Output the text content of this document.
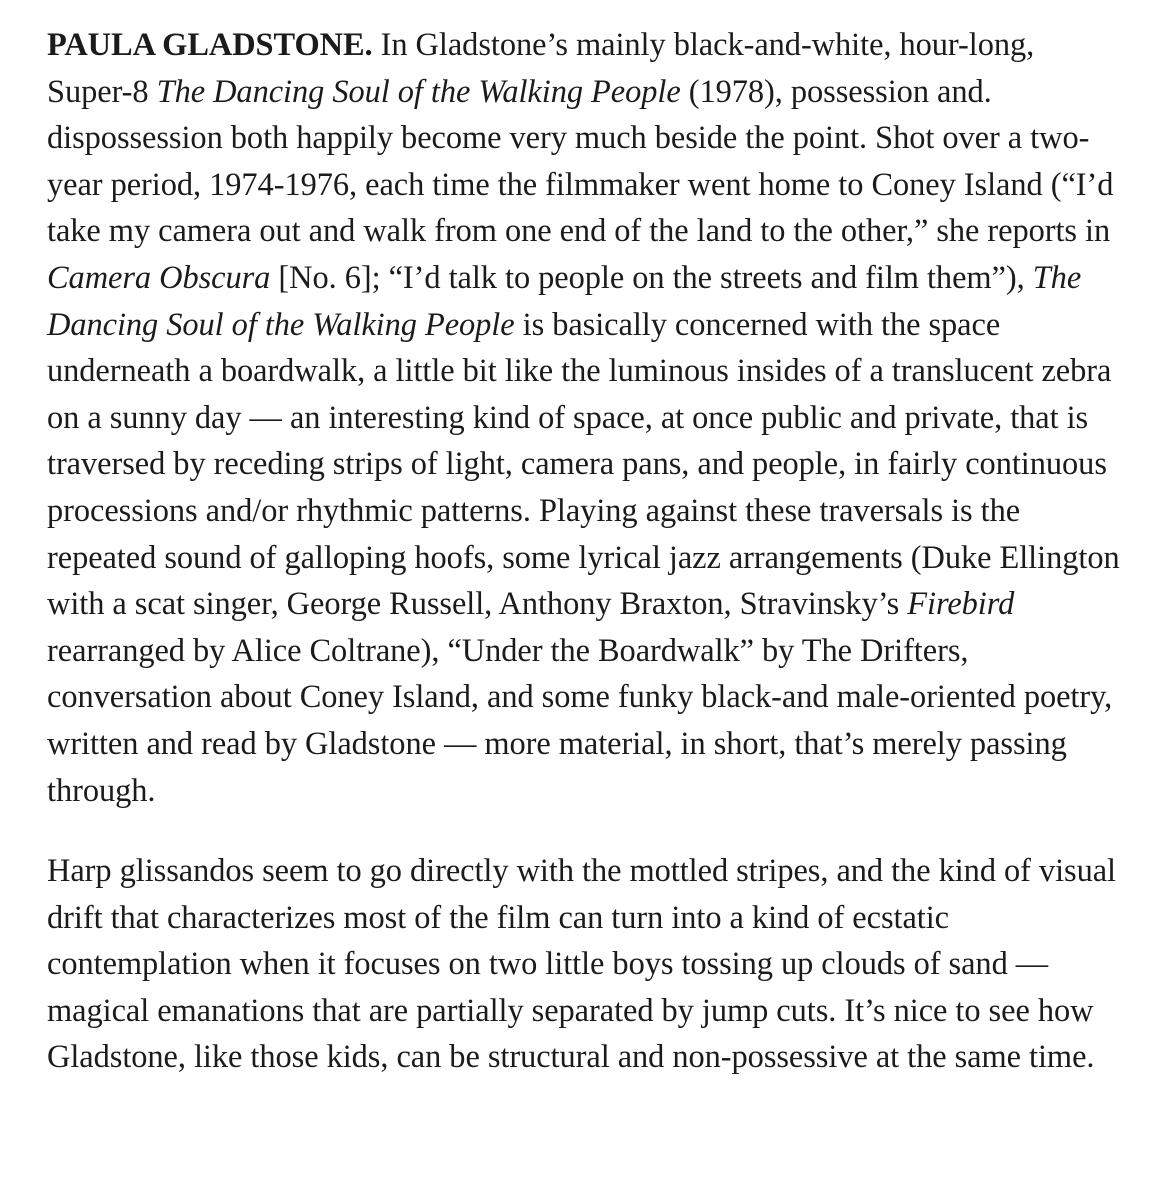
PAULA GLADSTONE. In Gladstone’s mainly black-and-white, hour-long, Super-8 The Dancing Soul of the Walking People (1978), possession and. dispossession both happily become very much beside the point. Shot over a two-year period, 1974-1976, each time the filmmaker went home to Coney Island (“I’d take my camera out and walk from one end of the land to the other,” she reports in Camera Obscura [No. 6]; “I’d talk to people on the streets and film them”), The Dancing Soul of the Walking People is basically concerned with the space underneath a boardwalk, a little bit like the luminous insides of a translucent zebra on a sunny day — an interesting kind of space, at once public and private, that is traversed by receding strips of light, camera pans, and people, in fairly continuous processions and/or rhythmic patterns. Playing against these traversals is the repeated sound of galloping hoofs, some lyrical jazz arrangements (Duke Ellington with a scat singer, George Russell, Anthony Braxton, Stravinsky’s Firebird rearranged by Alice Coltrane), “Under the Boardwalk” by The Drifters, conversation about Coney Island, and some funky black-and male-oriented poetry, written and read by Gladstone — more material, in short, that’s merely passing through.

Harp glissandos seem to go directly with the mottled stripes, and the kind of visual drift that characterizes most of the film can turn into a kind of ecstatic contemplation when it focuses on two little boys tossing up clouds of sand — magical emanations that are partially separated by jump cuts. It’s nice to see how Gladstone, like those kids, can be structural and non-possessive at the same time.
